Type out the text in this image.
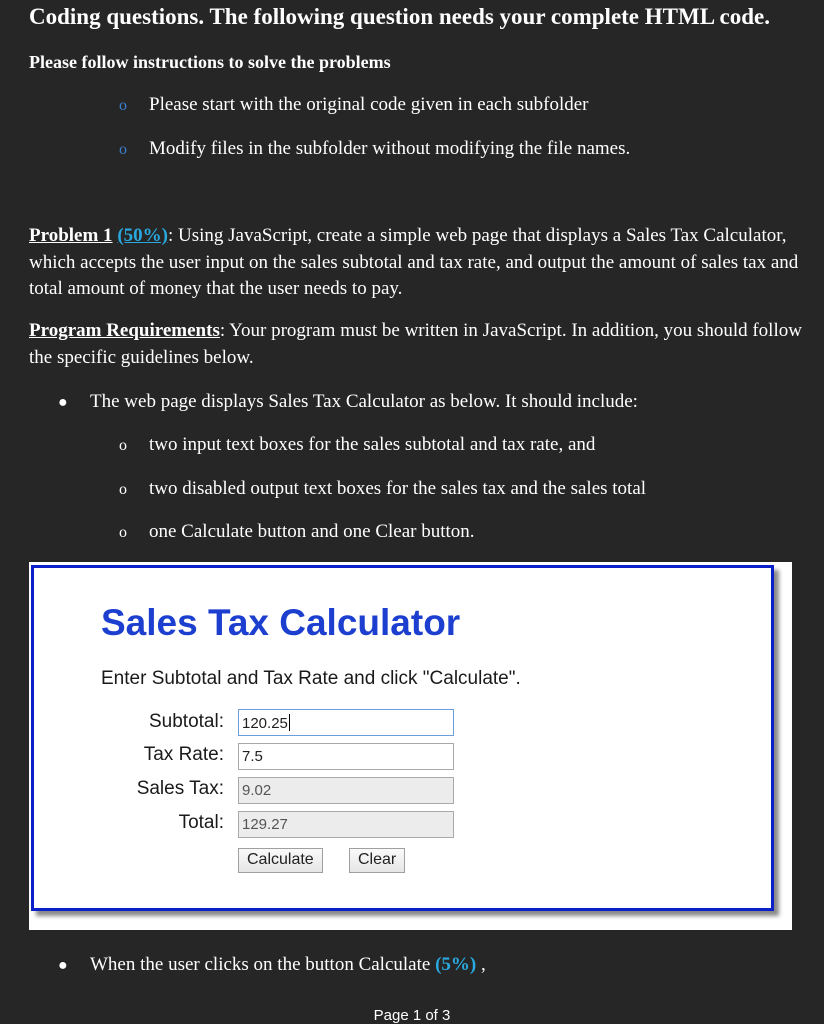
Coding questions. The following question needs your complete HTML code.
Please follow instructions to solve the problems
o Please start with the original code given in each subfolder
o Modify files in the subfolder without modifying the file names.
Problem 1 (50%): Using JavaScript, create a simple web page that displays a Sales Tax Calculator, which accepts the user input on the sales subtotal and tax rate, and output the amount of sales tax and total amount of money that the user needs to pay.
Program Requirements: Your program must be written in JavaScript. In addition, you should follow the specific guidelines below.
● The web page displays Sales Tax Calculator as below. It should include:
o two input text boxes for the sales subtotal and tax rate, and
o two disabled output text boxes for the sales tax and the sales total
o one Calculate button and one Clear button.
Sales Tax Calculator
Enter Subtotal and Tax Rate and click "Calculate".
Subtotal: 120.25
Tax Rate: 7.5
Sales Tax: 9.02
Total: 129.27
Calculate	Clear
● When the user clicks on the button Calculate (5%) ,
Page 1 of 3
